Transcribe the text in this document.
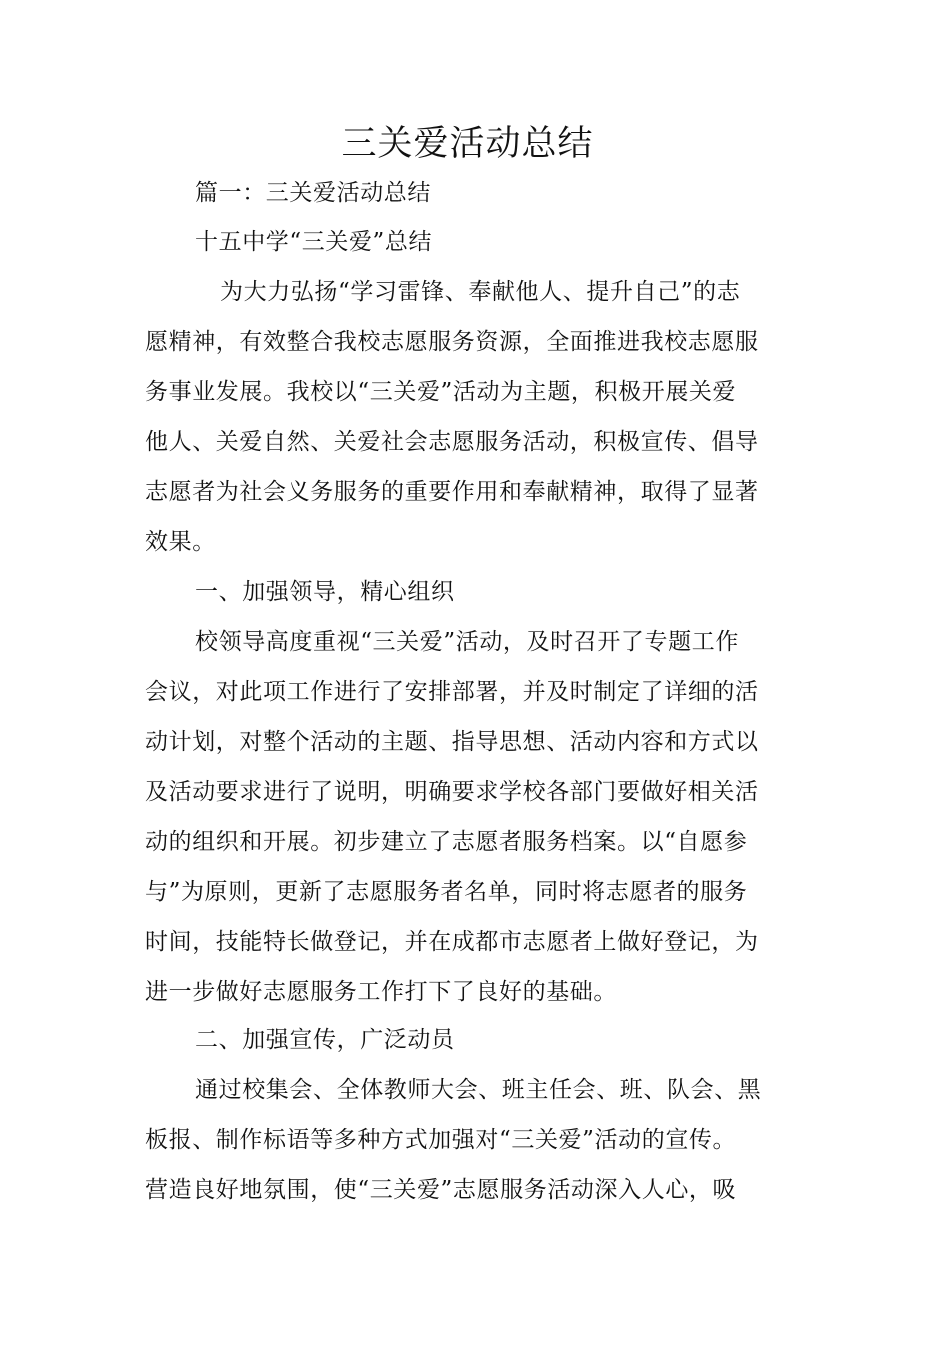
三关爱活动总结
篇一：三关爱活动总结
十五中学“三关爱”总结
为大力弘扬“学习雷锋、奉献他人、提升自己”的志
愿精神，有效整合我校志愿服务资源，全面推进我校志愿服
务事业发展。我校以“三关爱”活动为主题，积极开展关爱
他人、关爱自然、关爱社会志愿服务活动，积极宣传、倡导
志愿者为社会义务服务的重要作用和奉献精神，取得了显著
效果。
一、加强领导，精心组织
校领导高度重视“三关爱”活动，及时召开了专题工作
会议，对此项工作进行了安排部署，并及时制定了详细的活
动计划，对整个活动的主题、指导思想、活动内容和方式以
及活动要求进行了说明，明确要求学校各部门要做好相关活
动的组织和开展。初步建立了志愿者服务档案。以“自愿参
与”为原则，更新了志愿服务者名单，同时将志愿者的服务
时间，技能特长做登记，并在成都市志愿者上做好登记，为
进一步做好志愿服务工作打下了良好的基础。
二、加强宣传，广泛动员
通过校集会、全体教师大会、班主任会、班、队会、黑
板报、制作标语等多种方式加强对“三关爱”活动的宣传。
营造良好地氛围，使“三关爱”志愿服务活动深入人心，吸
